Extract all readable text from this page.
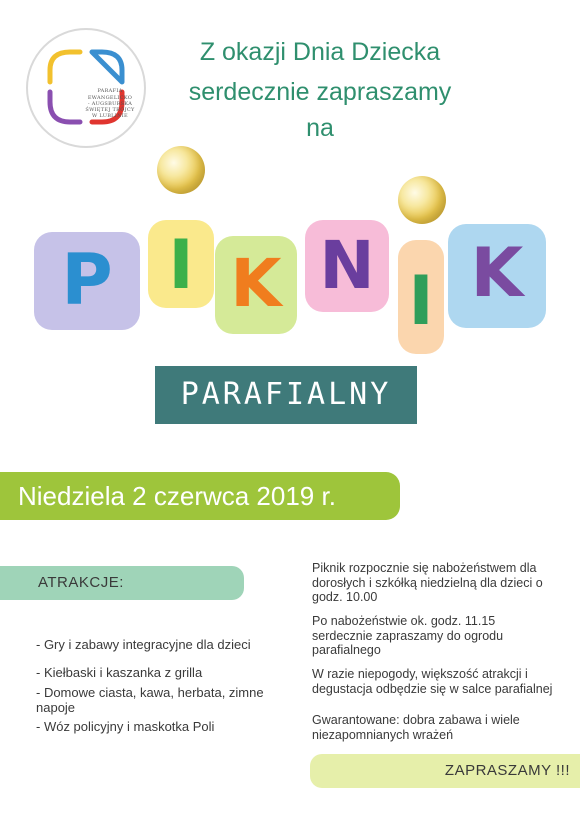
PARAFIA
EWANGELICKO
- AUGSBURSKA
ŚWIĘTEJ TRÓJCY
W LUBLINIE
Z okazji Dnia Dziecka
serdecznie zapraszamy
na
P I K N I K
PARAFIALNY
Niedziela 2 czerwca 2019 r.
ATRAKCJE:
- Gry i zabawy integracyjne dla dzieci
- Kiełbaski i kaszanka z grilla
- Domowe ciasta, kawa, herbata, zimne napoje
- Wóz policyjny i maskotka Poli
Piknik rozpocznie się nabożeństwem dla dorosłych i szkółką niedzielną dla dzieci o godz. 10.00
Po nabożeństwie ok. godz. 11.15 serdecznie zapraszamy do ogrodu parafialnego
W razie niepogody, większość atrakcji i degustacja odbędzie się w salce parafialnej
Gwarantowane: dobra zabawa i wiele niezapomnianych wrażeń
ZAPRASZAMY !!!
